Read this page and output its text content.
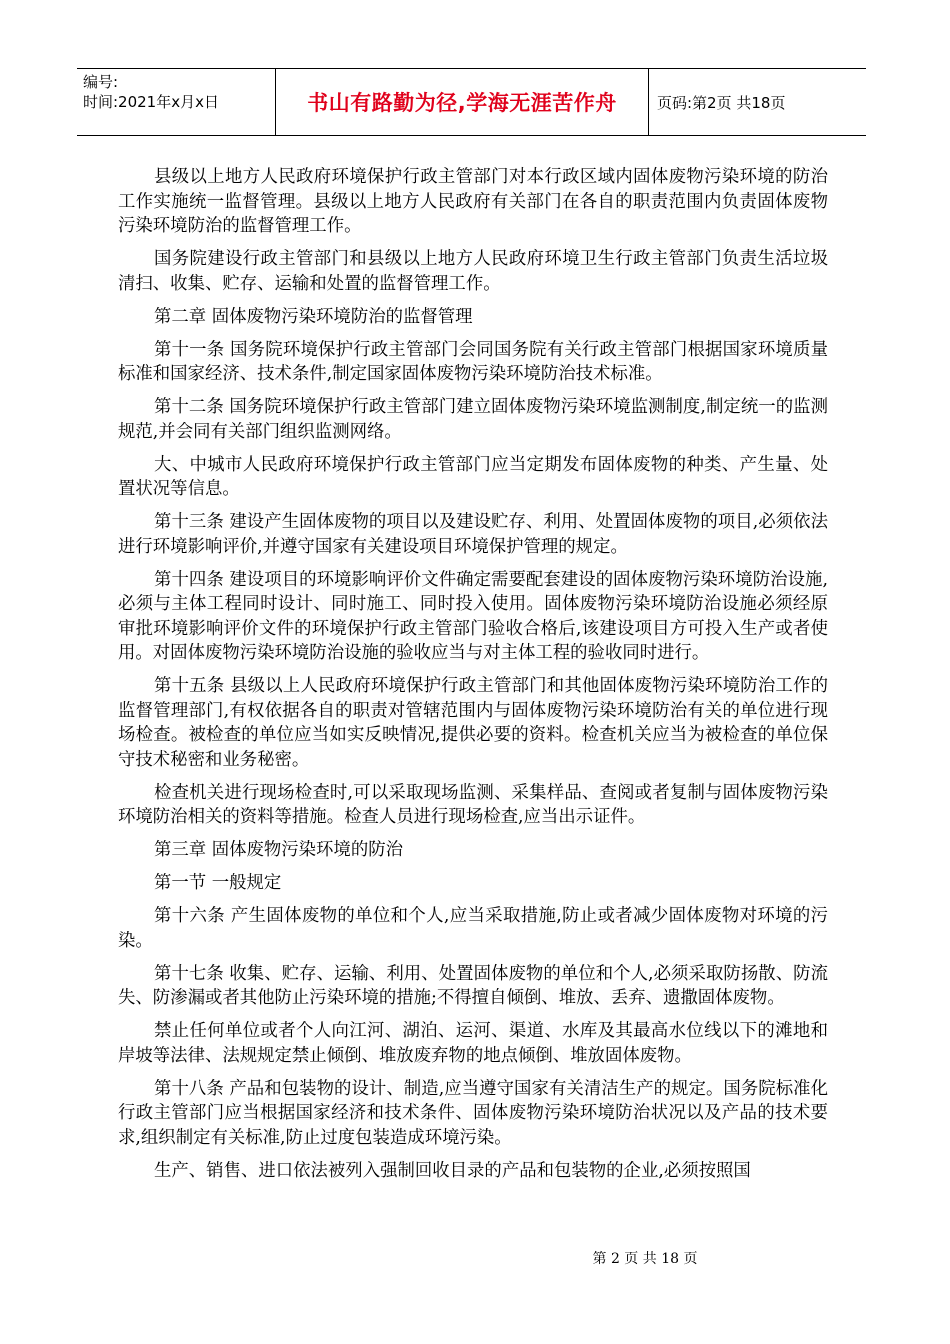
编号:
时间:2021年x月x日	书山有路勤为径,学海无涯苦作舟	页码:第2页 共18页

县级以上地方人民政府环境保护行政主管部门对本行政区域内固体废物污染环境的防治工作实施统一监督管理。县级以上地方人民政府有关部门在各自的职责范围内负责固体废物污染环境防治的监督管理工作。

国务院建设行政主管部门和县级以上地方人民政府环境卫生行政主管部门负责生活垃圾清扫、收集、贮存、运输和处置的监督管理工作。

第二章 固体废物污染环境防治的监督管理

第十一条 国务院环境保护行政主管部门会同国务院有关行政主管部门根据国家环境质量标准和国家经济、技术条件,制定国家固体废物污染环境防治技术标准。

第十二条 国务院环境保护行政主管部门建立固体废物污染环境监测制度,制定统一的监测规范,并会同有关部门组织监测网络。

大、中城市人民政府环境保护行政主管部门应当定期发布固体废物的种类、产生量、处置状况等信息。

第十三条 建设产生固体废物的项目以及建设贮存、利用、处置固体废物的项目,必须依法进行环境影响评价,并遵守国家有关建设项目环境保护管理的规定。

第十四条 建设项目的环境影响评价文件确定需要配套建设的固体废物污染环境防治设施,必须与主体工程同时设计、同时施工、同时投入使用。固体废物污染环境防治设施必须经原审批环境影响评价文件的环境保护行政主管部门验收合格后,该建设项目方可投入生产或者使用。对固体废物污染环境防治设施的验收应当与对主体工程的验收同时进行。

第十五条 县级以上人民政府环境保护行政主管部门和其他固体废物污染环境防治工作的监督管理部门,有权依据各自的职责对管辖范围内与固体废物污染环境防治有关的单位进行现场检查。被检查的单位应当如实反映情况,提供必要的资料。检查机关应当为被检查的单位保守技术秘密和业务秘密。

检查机关进行现场检查时,可以采取现场监测、采集样品、查阅或者复制与固体废物污染环境防治相关的资料等措施。检查人员进行现场检查,应当出示证件。

第三章 固体废物污染环境的防治

第一节 一般规定

第十六条 产生固体废物的单位和个人,应当采取措施,防止或者减少固体废物对环境的污染。

第十七条 收集、贮存、运输、利用、处置固体废物的单位和个人,必须采取防扬散、防流失、防渗漏或者其他防止污染环境的措施;不得擅自倾倒、堆放、丢弃、遗撒固体废物。

禁止任何单位或者个人向江河、湖泊、运河、渠道、水库及其最高水位线以下的滩地和岸坡等法律、法规规定禁止倾倒、堆放废弃物的地点倾倒、堆放固体废物。

第十八条 产品和包装物的设计、制造,应当遵守国家有关清洁生产的规定。国务院标准化行政主管部门应当根据国家经济和技术条件、固体废物污染环境防治状况以及产品的技术要求,组织制定有关标准,防止过度包装造成环境污染。

生产、销售、进口依法被列入强制回收目录的产品和包装物的企业,必须按照国

第 2 页 共 18 页
